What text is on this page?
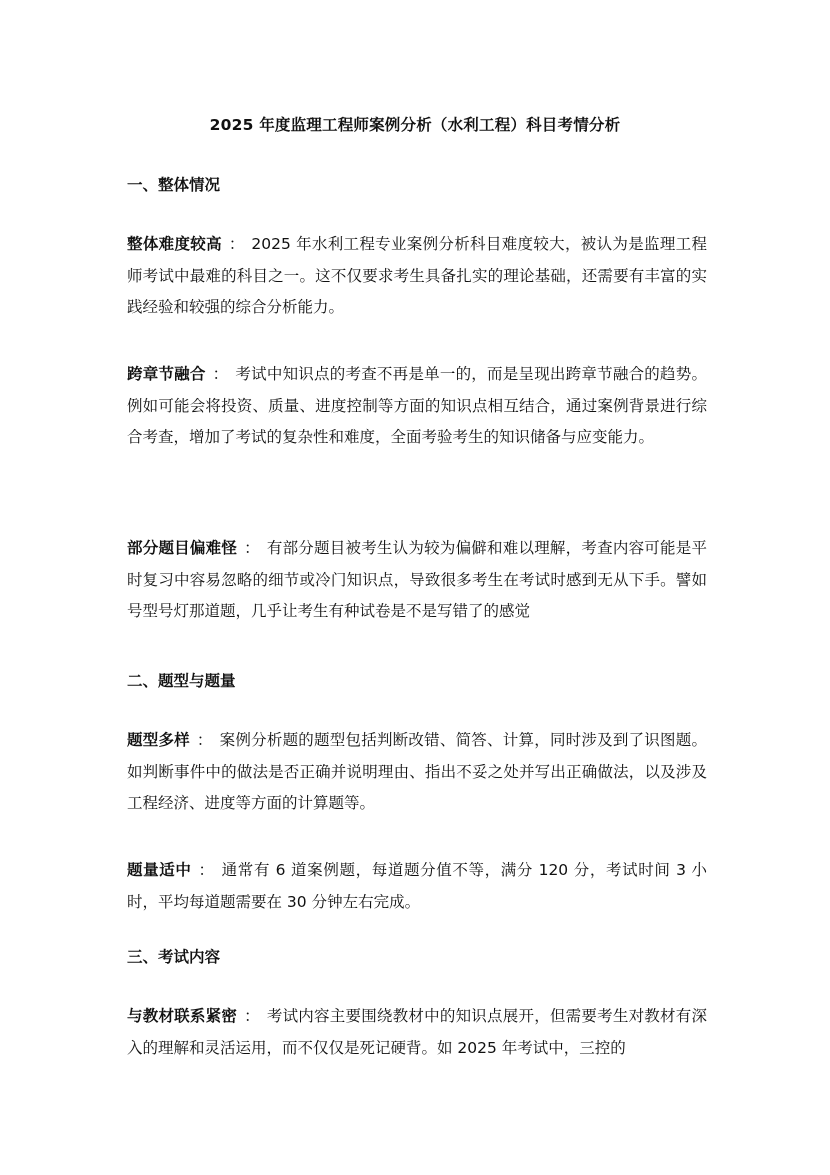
2025 年度监理工程师案例分析（水利工程）科目考情分析
一、整体情况

整体难度较高 ： 2025 年水利工程专业案例分析科目难度较大，被认为是监理工程师考试中最难的科目之一。这不仅要求考生具备扎实的理论基础，还需要有丰富的实践经验和较强的综合分析能力。

跨章节融合 ： 考试中知识点的考查不再是单一的，而是呈现出跨章节融合的趋势。例如可能会将投资、质量、进度控制等方面的知识点相互结合，通过案例背景进行综合考查，增加了考试的复杂性和难度，全面考验考生的知识储备与应变能力。

部分题目偏难怪 ： 有部分题目被考生认为较为偏僻和难以理解，考查内容可能是平时复习中容易忽略的细节或冷门知识点，导致很多考生在考试时感到无从下手。譬如号型号灯那道题，几乎让考生有种试卷是不是写错了的感觉

二、题型与题量

题型多样 ： 案例分析题的题型包括判断改错、简答、计算，同时涉及到了识图题。如判断事件中的做法是否正确并说明理由、指出不妥之处并写出正确做法，以及涉及工程经济、进度等方面的计算题等。

题量适中 ： 通常有 6 道案例题，每道题分值不等，满分 120 分，考试时间 3 小时，平均每道题需要在 30 分钟左右完成。

三、考试内容

与教材联系紧密 ： 考试内容主要围绕教材中的知识点展开，但需要考生对教材有深入的理解和灵活运用，而不仅仅是死记硬背。如 2025 年考试中，三控的
